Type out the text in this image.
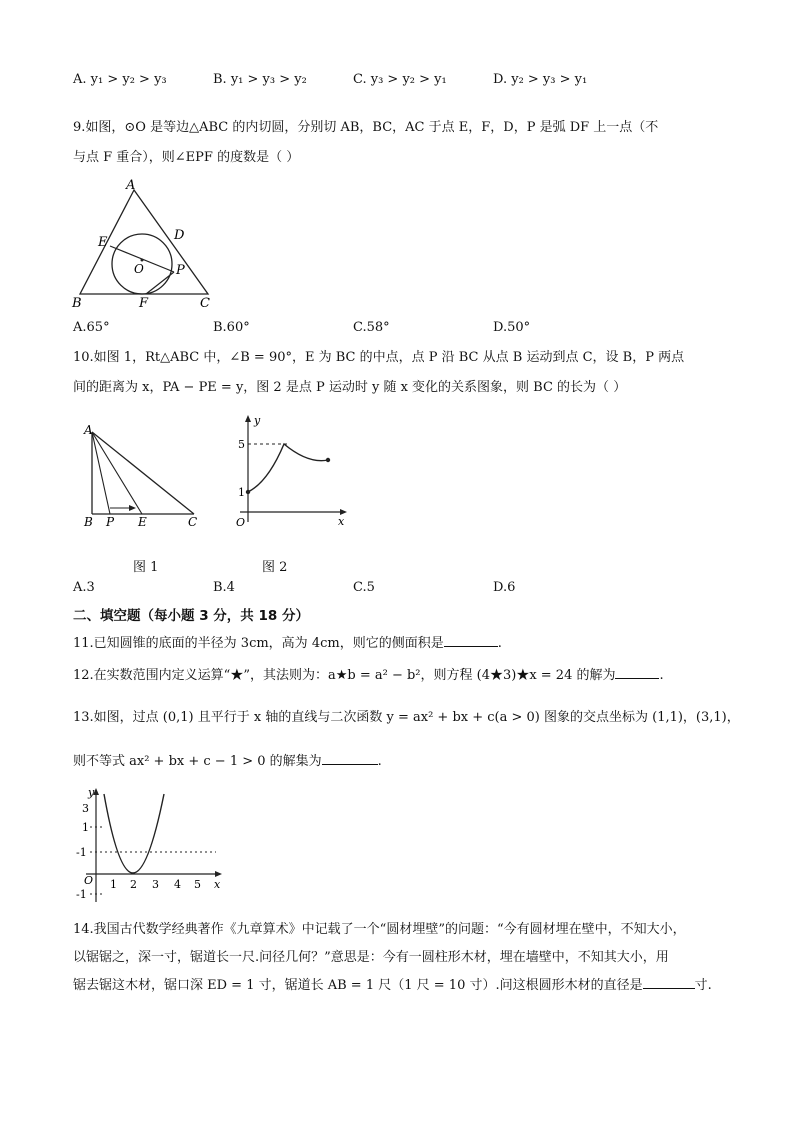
A. y₁ > y₂ > y₃	B. y₁ > y₃ > y₂	C. y₃ > y₂ > y₁	D. y₂ > y₃ > y₁
9.如图，⊙O 是等边△ABC 的内切圆，分别切 AB，BC，AC 于点 E，F，D，P 是弧 DF 上一点（不
与点 F 重合），则∠EPF 的度数是（ ）
A
E	D
O P
B	F	C
A.65°	B.60°	C.58°	D.50°
10.如图 1，Rt△ABC 中，∠B = 90°，E 为 BC 的中点，点 P 沿 BC 从点 B 运动到点 C，设 B，P 两点
间的距离为 x，PA − PE = y，图 2 是点 P 运动时 y 随 x 变化的关系图象，则 BC 的长为（ ）
A
B P E	C
y
x
O
5
1
图 1	图 2
A.3	B.4	C.5	D.6
二、填空题（每小题 3 分，共 18 分）
11.已知圆锥的底面的半径为 3cm，高为 4cm，则它的侧面积是	.
12.在实数范围内定义运算“★”，其法则为：a★b = a² − b²，则方程 (4★3)★x = 24 的解为	.
13.如图，过点 (0,1) 且平行于 x 轴的直线与二次函数 y = ax² + bx + c(a > 0) 图象的交点坐标为 (1,1)，(3,1)，
则不等式 ax² + bx + c − 1 > 0 的解集为	.
y
x
O
3
1
-1
-1
1 2 3 4 5
14.我国古代数学经典著作《九章算术》中记载了一个“圆材埋壁”的问题：“今有圆材埋在壁中，不知大小，
以锯锯之，深一寸，锯道长一尺.问径几何？”意思是：今有一圆柱形木材，埋在墙壁中，不知其大小，用
锯去锯这木材，锯口深 ED = 1 寸，锯道长 AB = 1 尺（1 尺 = 10 寸）.问这根圆形木材的直径是	寸.
